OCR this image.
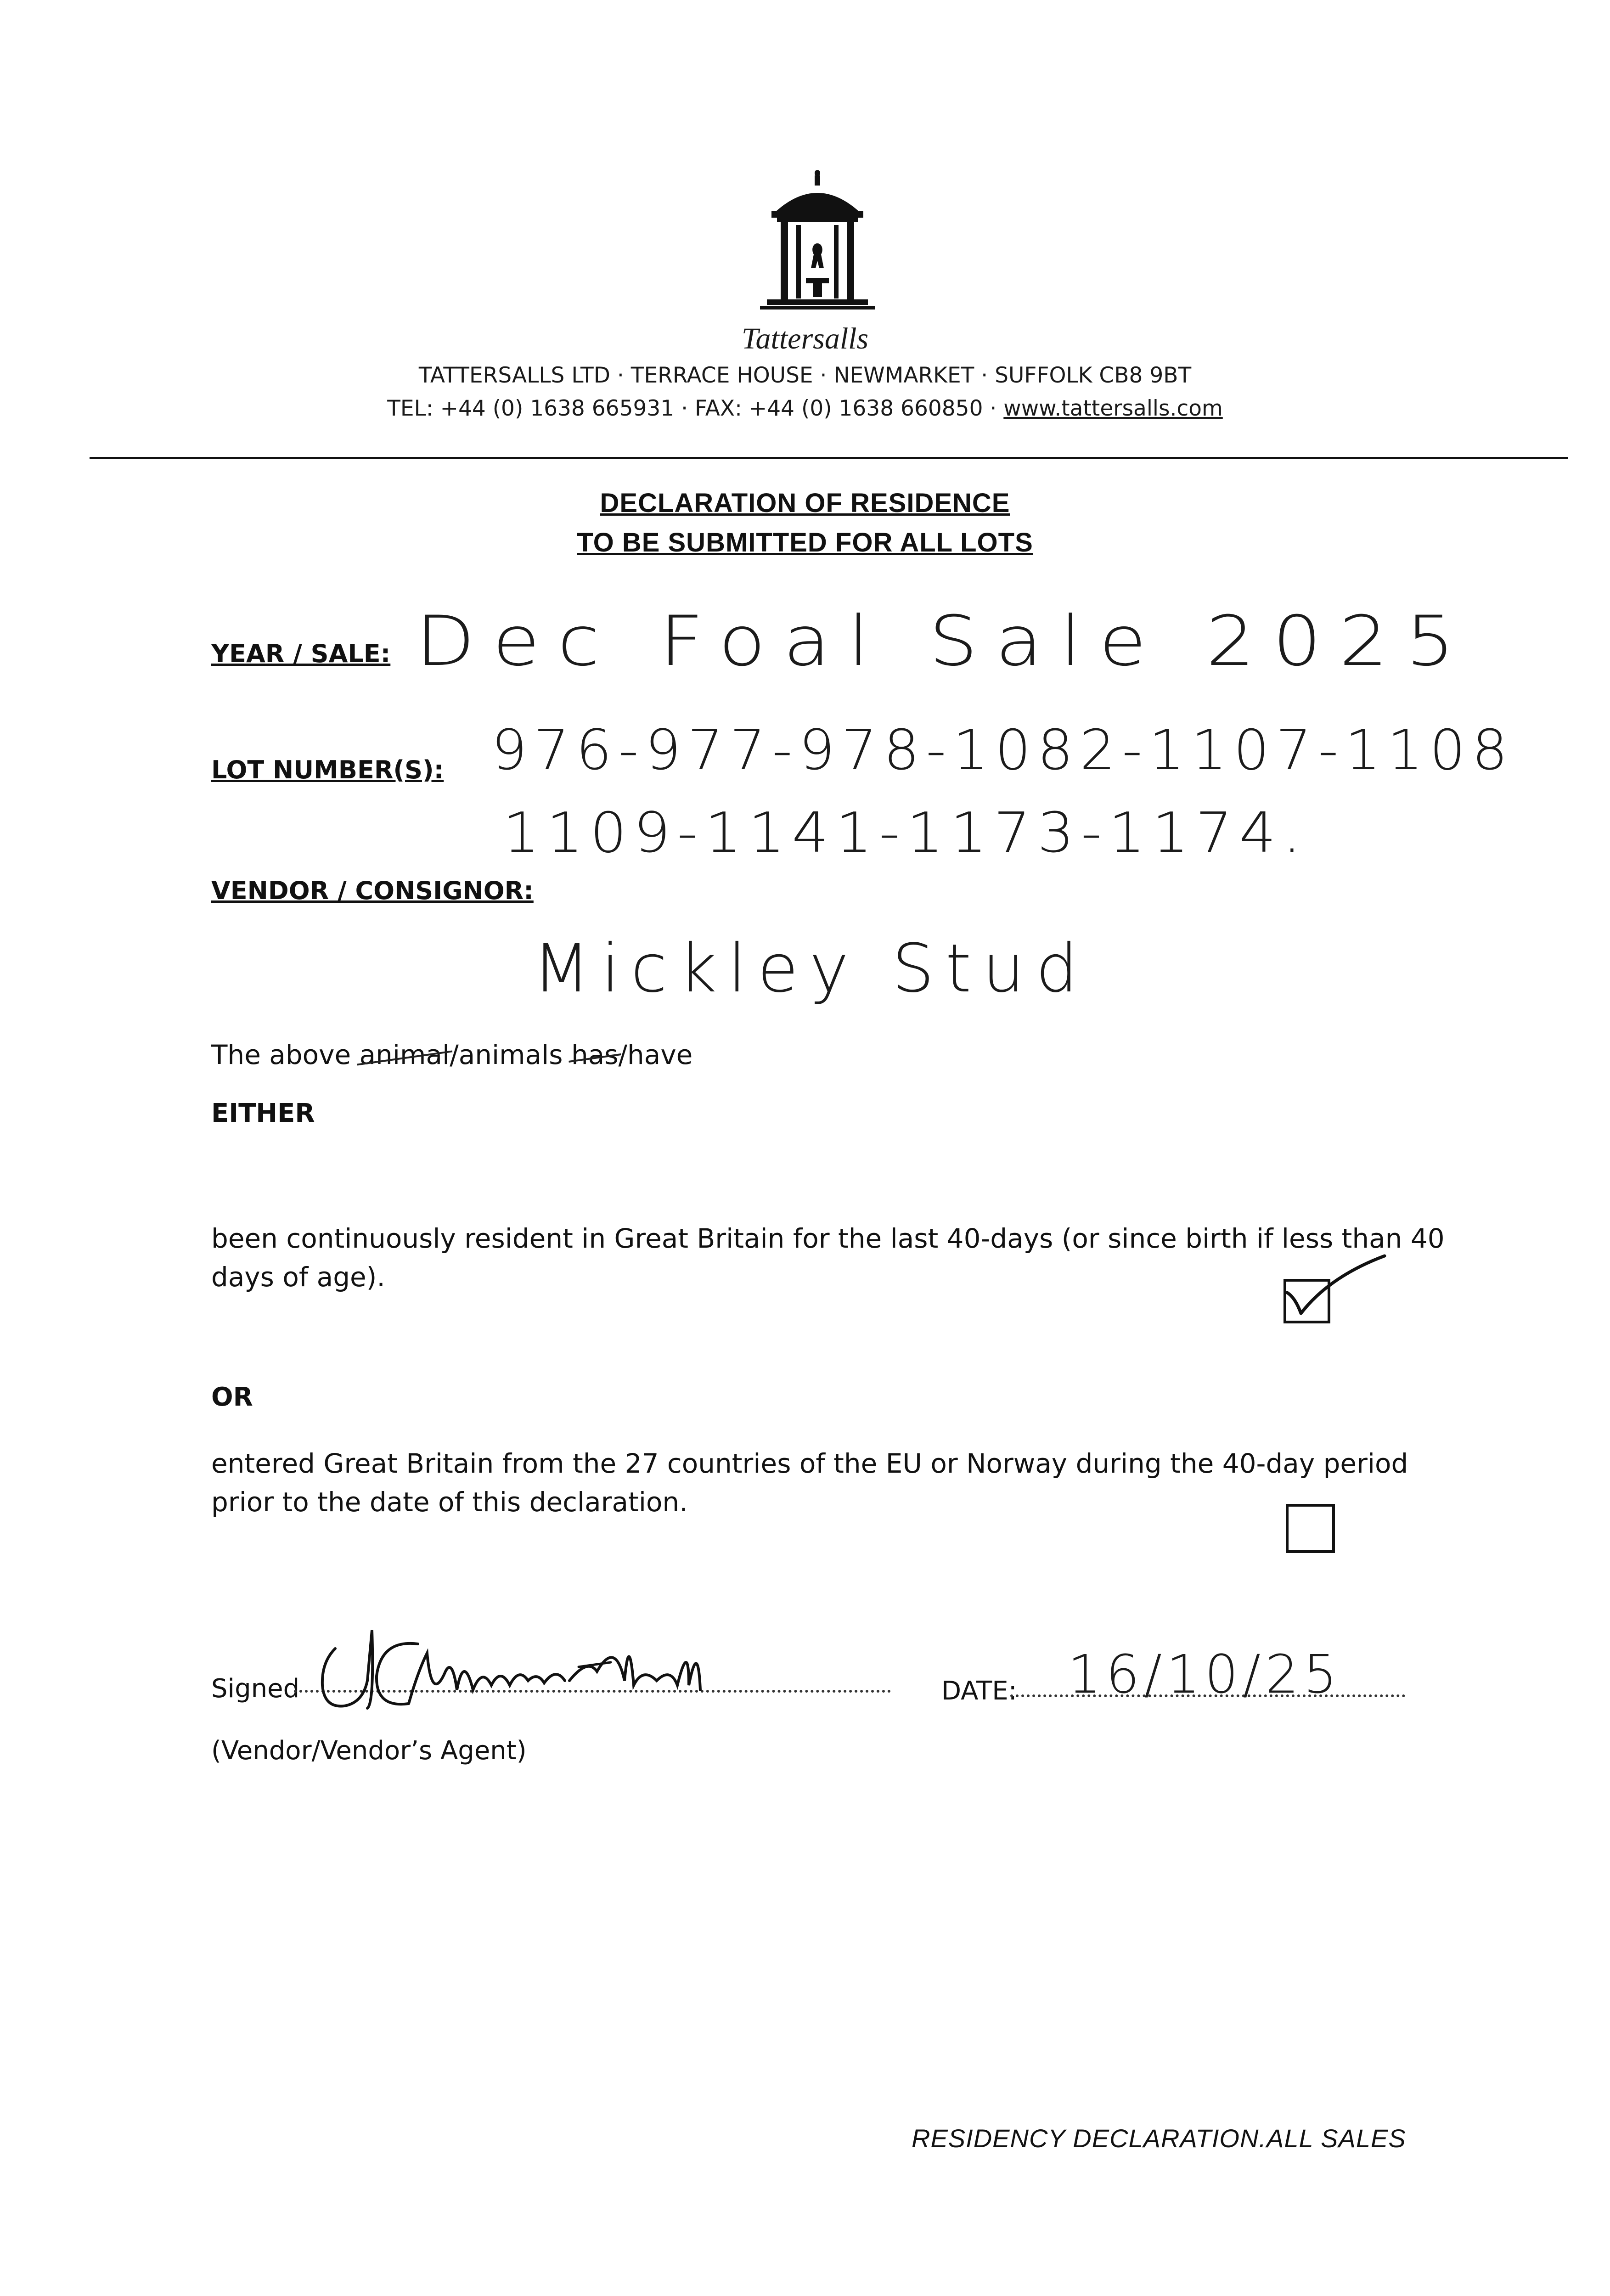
Tattersalls
TATTERSALLS LTD · TERRACE HOUSE · NEWMARKET · SUFFOLK CB8 9BT
TEL: +44 (0) 1638 665931 · FAX: +44 (0) 1638 660850 · www.tattersalls.com
DECLARATION OF RESIDENCE
TO BE SUBMITTED FOR ALL LOTS
YEAR / SALE: Dec Foal Sale 2025
LOT NUMBER(S): 976-977-978-1082-1107-1108
1109-1141-1173-1174.
VENDOR / CONSIGNOR:
Mickley Stud
The above animal/animals has/have
EITHER
been continuously resident in Great Britain for the last 40-days (or since birth if less than 40 days of age).
OR
entered Great Britain from the 27 countries of the EU or Norway during the 40-day period prior to the date of this declaration.
Signed	DATE: 16/10/25
(Vendor/Vendor’s Agent)
RESIDENCY DECLARATION.ALL SALES
